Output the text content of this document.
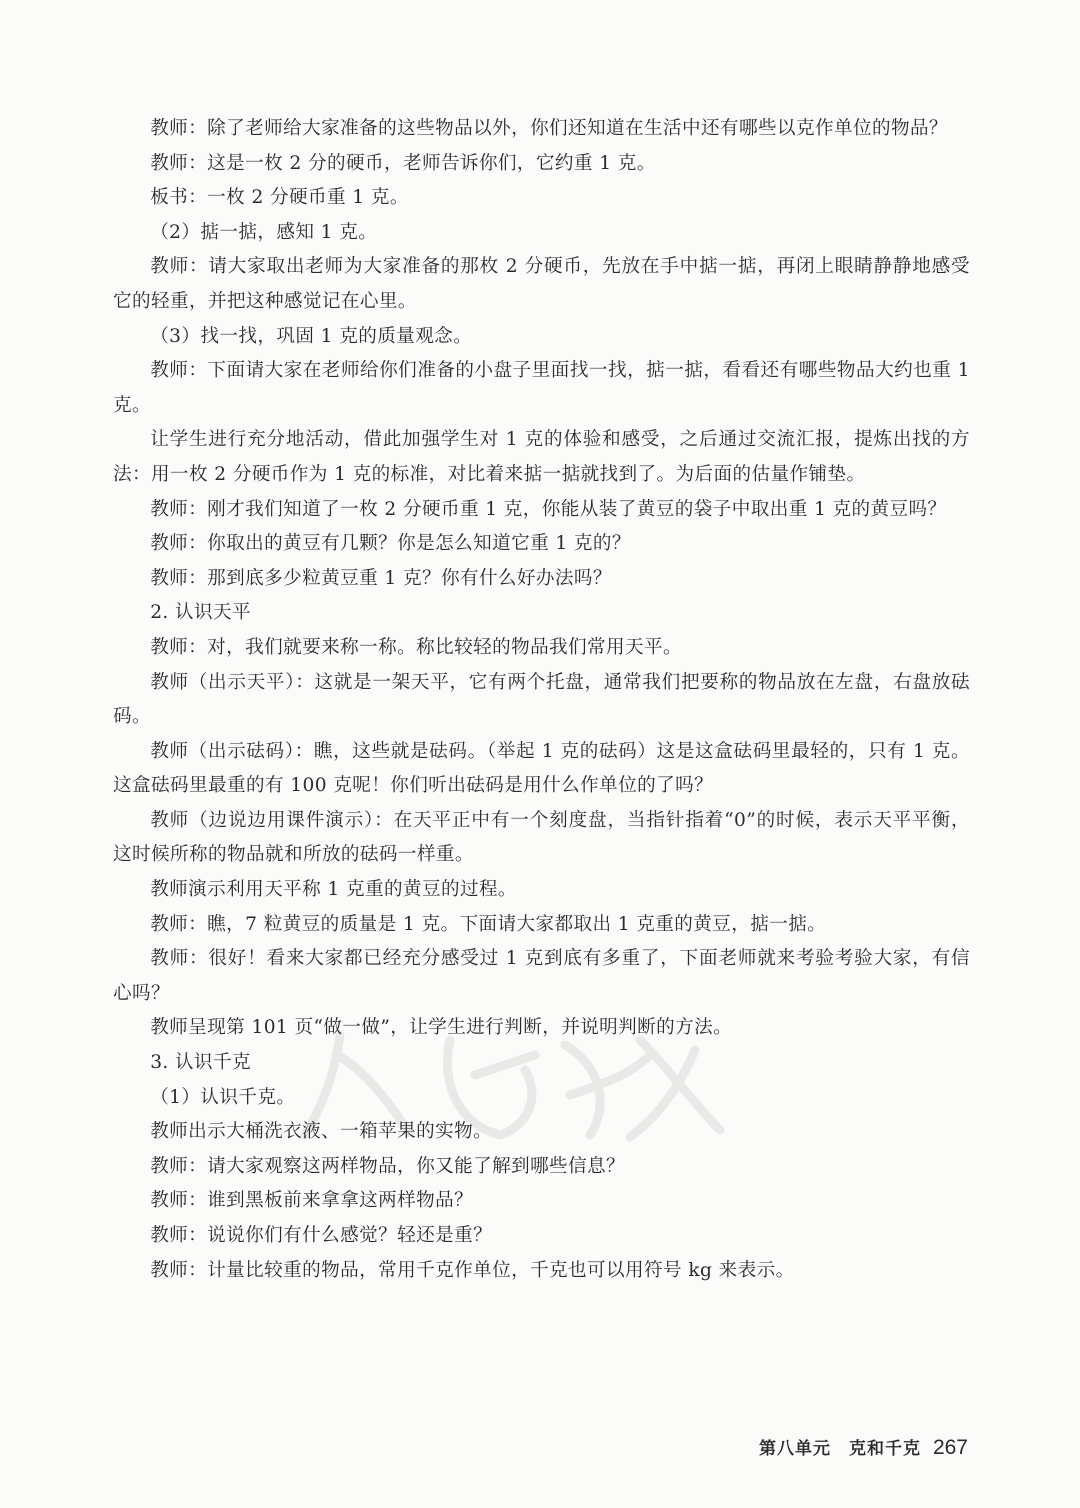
教师：除了老师给大家准备的这些物品以外，你们还知道在生活中还有哪些以克作单位的物品？

教师：这是一枚 2 分的硬币，老师告诉你们，它约重 1 克。

板书：一枚 2 分硬币重 1 克。

（2）掂一掂，感知 1 克。

教师：请大家取出老师为大家准备的那枚 2 分硬币，先放在手中掂一掂，再闭上眼睛静静地感受它的轻重，并把这种感觉记在心里。

（3）找一找，巩固 1 克的质量观念。

教师：下面请大家在老师给你们准备的小盘子里面找一找，掂一掂，看看还有哪些物品大约也重 1 克。

让学生进行充分地活动，借此加强学生对 1 克的体验和感受，之后通过交流汇报，提炼出找的方法：用一枚 2 分硬币作为 1 克的标准，对比着来掂一掂就找到了。为后面的估量作铺垫。

教师：刚才我们知道了一枚 2 分硬币重 1 克，你能从装了黄豆的袋子中取出重 1 克的黄豆吗？

教师：你取出的黄豆有几颗？你是怎么知道它重 1 克的？

教师：那到底多少粒黄豆重 1 克？你有什么好办法吗？

2. 认识天平

教师：对，我们就要来称一称。称比较轻的物品我们常用天平。

教师（出示天平）：这就是一架天平，它有两个托盘，通常我们把要称的物品放在左盘，右盘放砝码。

教师（出示砝码）：瞧，这些就是砝码。（举起 1 克的砝码）这是这盒砝码里最轻的，只有 1 克。这盒砝码里最重的有 100 克呢！你们听出砝码是用什么作单位的了吗？

教师（边说边用课件演示）：在天平正中有一个刻度盘，当指针指着“0”的时候，表示天平平衡，这时候所称的物品就和所放的砝码一样重。

教师演示利用天平称 1 克重的黄豆的过程。

教师：瞧，7 粒黄豆的质量是 1 克。下面请大家都取出 1 克重的黄豆，掂一掂。

教师：很好！看来大家都已经充分感受过 1 克到底有多重了，下面老师就来考验考验大家，有信心吗？

教师呈现第 101 页“做一做”，让学生进行判断，并说明判断的方法。

3. 认识千克

（1）认识千克。

教师出示大桶洗衣液、一箱苹果的实物。

教师：请大家观察这两样物品，你又能了解到哪些信息？

教师：谁到黑板前来拿拿这两样物品？

教师：说说你们有什么感觉？轻还是重？

教师：计量比较重的物品，常用千克作单位，千克也可以用符号 kg 来表示。

第八单元 克和千克 267
